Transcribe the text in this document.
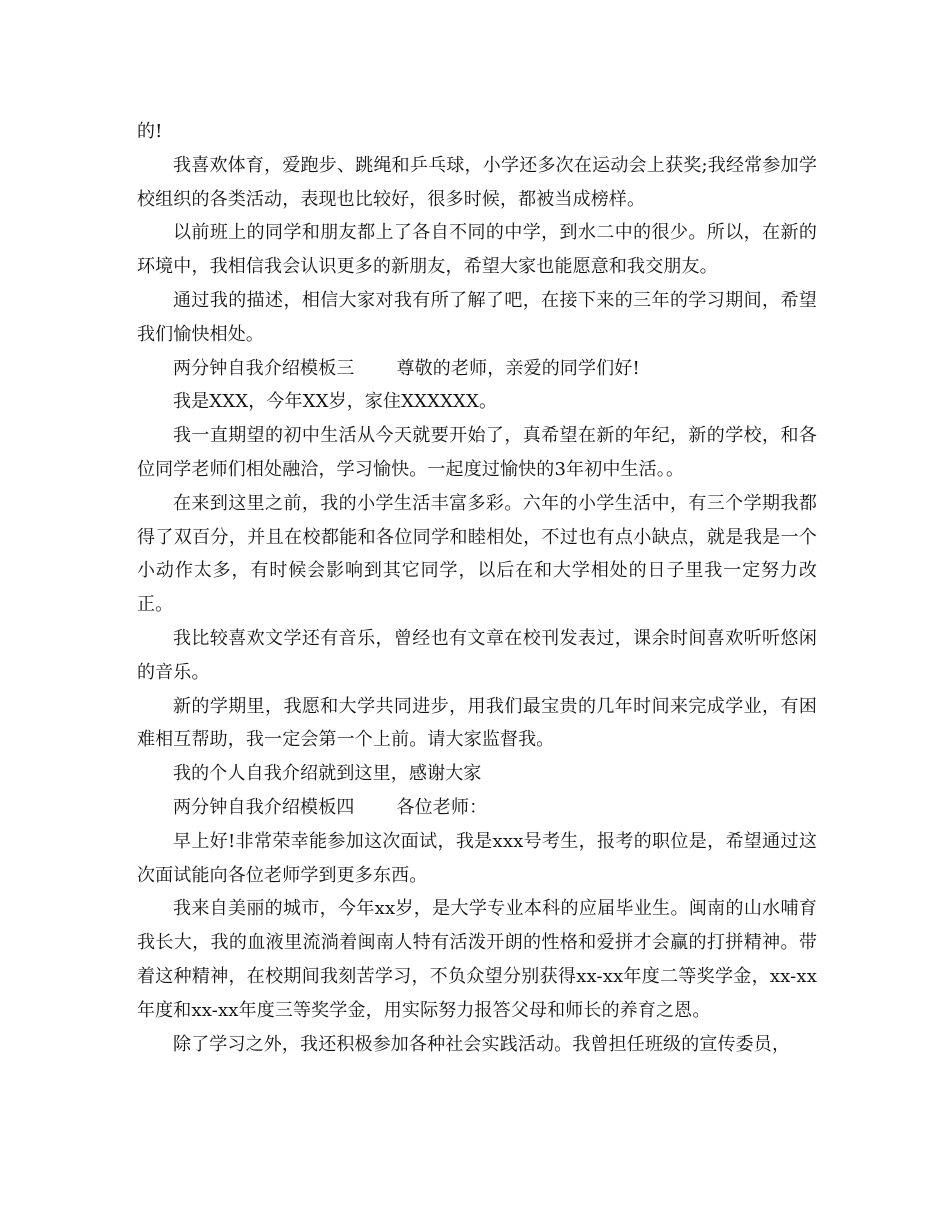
的!

我喜欢体育，爱跑步、跳绳和乒乓球，小学还多次在运动会上获奖;我经常参加学校组织的各类活动，表现也比较好，很多时候，都被当成榜样。

以前班上的同学和朋友都上了各自不同的中学，到水二中的很少。所以，在新的环境中，我相信我会认识更多的新朋友，希望大家也能愿意和我交朋友。

通过我的描述，相信大家对我有所了解了吧，在接下来的三年的学习期间，希望我们愉快相处。

两分钟自我介绍模板三 尊敬的老师，亲爱的同学们好!

我是XXX，今年XX岁，家住XXXXXX。

我一直期望的初中生活从今天就要开始了，真希望在新的年纪，新的学校，和各位同学老师们相处融洽，学习愉快。一起度过愉快的3年初中生活。。

在来到这里之前，我的小学生活丰富多彩。六年的小学生活中，有三个学期我都得了双百分，并且在校都能和各位同学和睦相处，不过也有点小缺点，就是我是一个小动作太多，有时候会影响到其它同学，以后在和大学相处的日子里我一定努力改正。

我比较喜欢文学还有音乐，曾经也有文章在校刊发表过，课余时间喜欢听听悠闲的音乐。

新的学期里，我愿和大学共同进步，用我们最宝贵的几年时间来完成学业，有困难相互帮助，我一定会第一个上前。请大家监督我。

我的个人自我介绍就到这里，感谢大家

两分钟自我介绍模板四 各位老师：

早上好!非常荣幸能参加这次面试，我是xxx号考生，报考的职位是，希望通过这次面试能向各位老师学到更多东西。

我来自美丽的城市，今年xx岁，是大学专业本科的应届毕业生。闽南的山水哺育我长大，我的血液里流淌着闽南人特有活泼开朗的性格和爱拼才会赢的打拼精神。带着这种精神，在校期间我刻苦学习，不负众望分别获得xx-xx年度二等奖学金，xx-xx年度和xx-xx年度三等奖学金，用实际努力报答父母和师长的养育之恩。

除了学习之外，我还积极参加各种社会实践活动。我曾担任班级的宣传委员，
